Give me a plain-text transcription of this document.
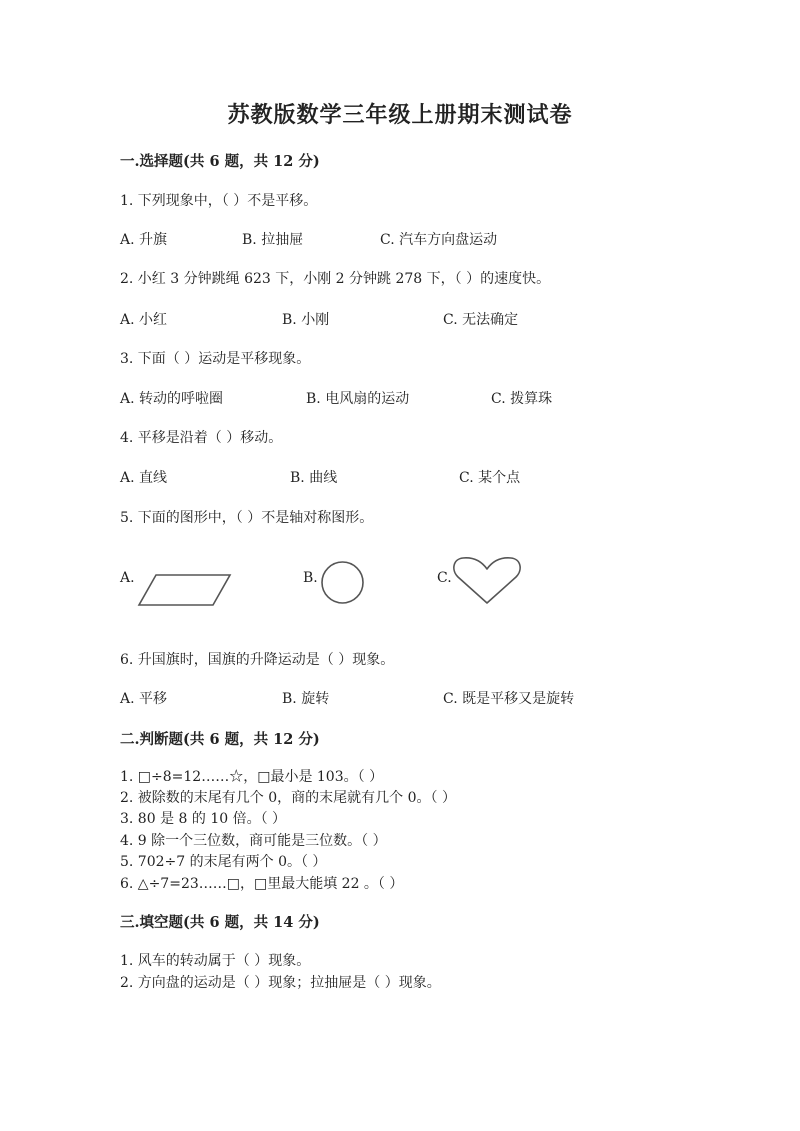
苏教版数学三年级上册期末测试卷
一.选择题(共 6 题，共 12 分)
1. 下列现象中，（ ）不是平移。
A. 升旗	B. 拉抽屉	C. 汽车方向盘运动
2. 小红 3 分钟跳绳 623 下，小刚 2 分钟跳 278 下，（ ）的速度快。
A. 小红	B. 小刚	C. 无法确定
3. 下面（ ）运动是平移现象。
A. 转动的呼啦圈	B. 电风扇的运动	C. 拨算珠
4. 平移是沿着（ ）移动。
A. 直线	B. 曲线	C. 某个点
5. 下面的图形中，（ ）不是轴对称图形。
A.	B.	C.
6. 升国旗时，国旗的升降运动是（ ）现象。
A. 平移	B. 旋转	C. 既是平移又是旋转
二.判断题(共 6 题，共 12 分)
1. □÷8=12……☆，□最小是 103。（ ）
2. 被除数的末尾有几个 0，商的末尾就有几个 0。（ ）
3. 80 是 8 的 10 倍。（ ）
4. 9 除一个三位数，商可能是三位数。（ ）
5. 702÷7 的末尾有两个 0。（ ）
6. △÷7=23……□，□里最大能填 22 。（ ）
三.填空题(共 6 题，共 14 分)
1. 风车的转动属于（ ）现象。
2. 方向盘的运动是（ ）现象；拉抽屉是（ ）现象。
